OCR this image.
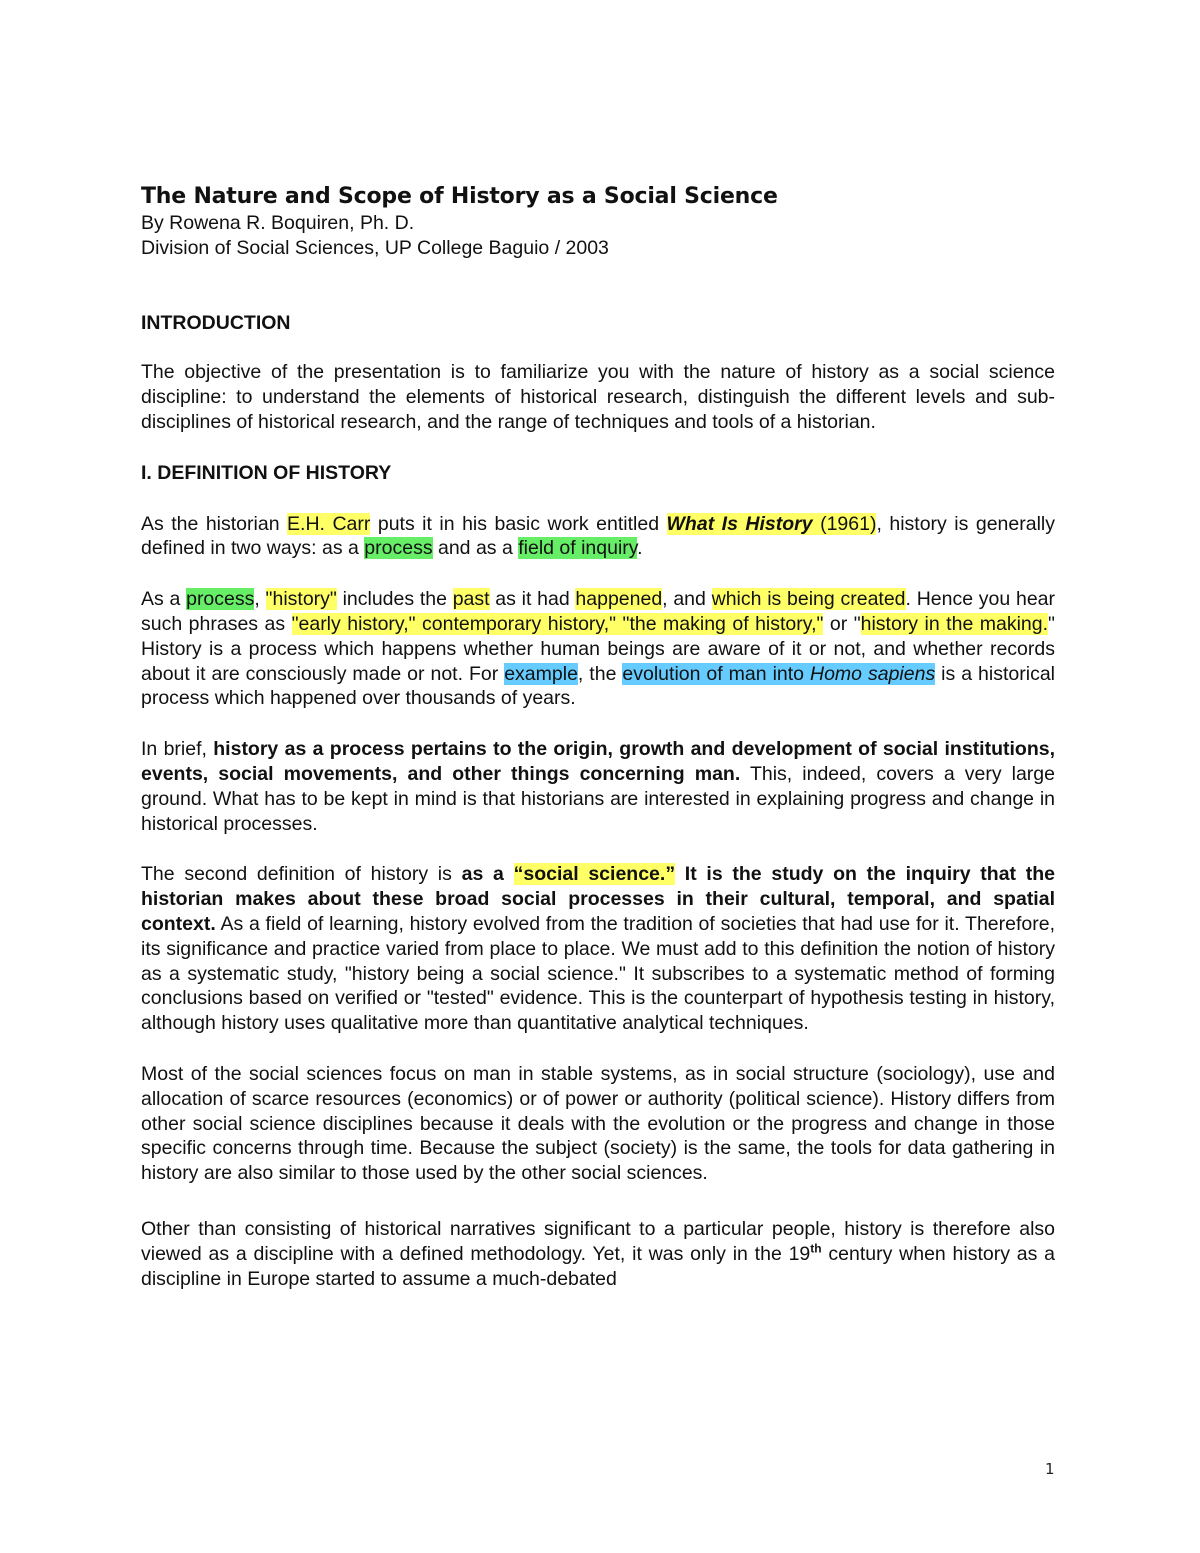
The Nature and Scope of History as a Social Science

By Rowena R. Boquiren, Ph. D.

Division of Social Sciences, UP College Baguio / 2003

INTRODUCTION

The objective of the presentation is to familiarize you with the nature of history as a social science discipline: to understand the elements of historical research, distinguish the different levels and sub-disciplines of historical research, and the range of techniques and tools of a historian.

I. DEFINITION OF HISTORY

As the historian E.H. Carr puts it in his basic work entitled What Is History (1961), history is generally defined in two ways: as a process and as a field of inquiry.

As a process, "history" includes the past as it had happened, and which is being created. Hence you hear such phrases as "early history," contemporary history," "the making of history," or "history in the making." History is a process which happens whether human beings are aware of it or not, and whether records about it are consciously made or not. For example, the evolution of man into Homo sapiens is a historical process which happened over thousands of years.

In brief, history as a process pertains to the origin, growth and development of social institutions, events, social movements, and other things concerning man. This, indeed, covers a very large ground. What has to be kept in mind is that historians are interested in explaining progress and change in historical processes.

The second definition of history is as a “social science.” It is the study on the inquiry that the historian makes about these broad social processes in their cultural, temporal, and spatial context. As a field of learning, history evolved from the tradition of societies that had use for it. Therefore, its significance and practice varied from place to place. We must add to this definition the notion of history as a systematic study, "history being a social science." It subscribes to a systematic method of forming conclusions based on verified or "tested" evidence. This is the counterpart of hypothesis testing in history, although history uses qualitative more than quantitative analytical techniques.

Most of the social sciences focus on man in stable systems, as in social structure (sociology), use and allocation of scarce resources (economics) or of power or authority (political science). History differs from other social science disciplines because it deals with the evolution or the progress and change in those specific concerns through time. Because the subject (society) is the same, the tools for data gathering in history are also similar to those used by the other social sciences.

Other than consisting of historical narratives significant to a particular people, history is therefore also viewed as a discipline with a defined methodology. Yet, it was only in the 19th century when history as a discipline in Europe started to assume a much-debated

1
